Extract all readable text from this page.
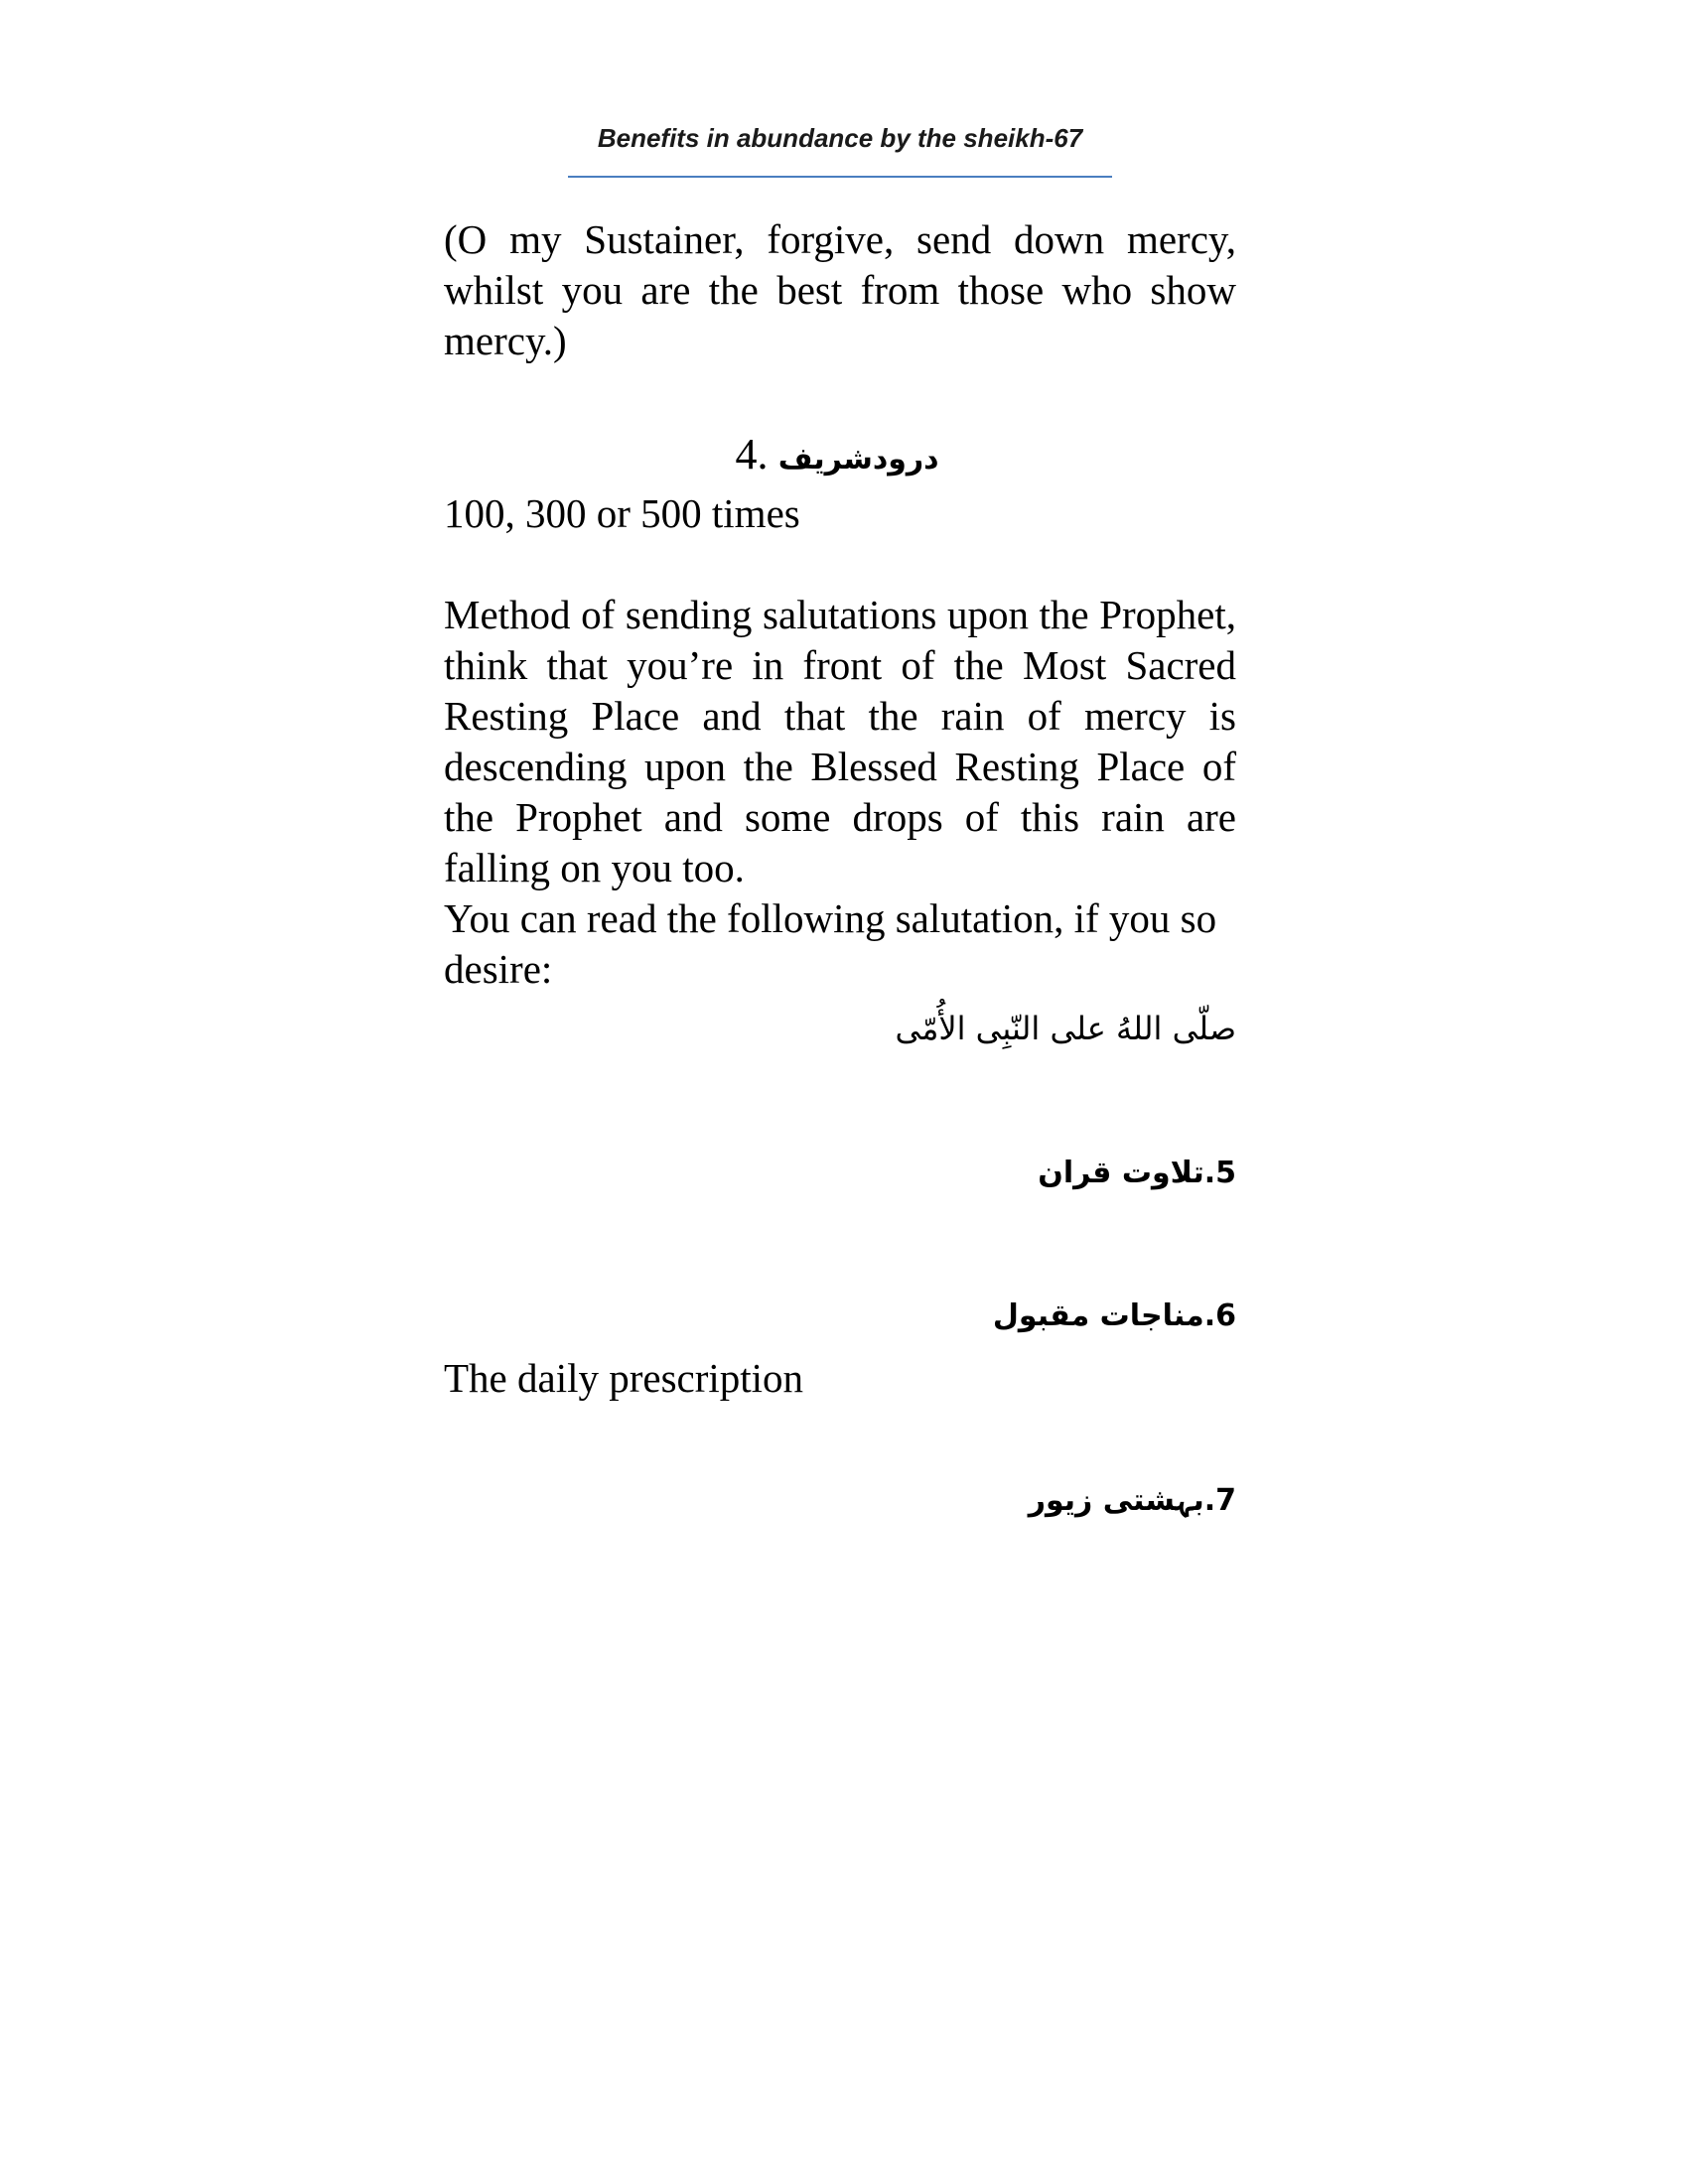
Benefits in abundance by the sheikh-67

(O my Sustainer, forgive, send down mercy, whilst you are the best from those who show mercy.)

4. درودشریف

100, 300 or 500 times

Method of sending salutations upon the Prophet, think that you’re in front of the Most Sacred Resting Place and that the rain of mercy is descending upon the Blessed Resting Place of the Prophet and some drops of this rain are falling on you too.

You can read the following salutation, if you so desire:

صلّى اللهُ علی النّبِی الأُمّی
5.تلاوت قران
6.مناجات مقبول

The daily prescription

7.بہشتی زیور
